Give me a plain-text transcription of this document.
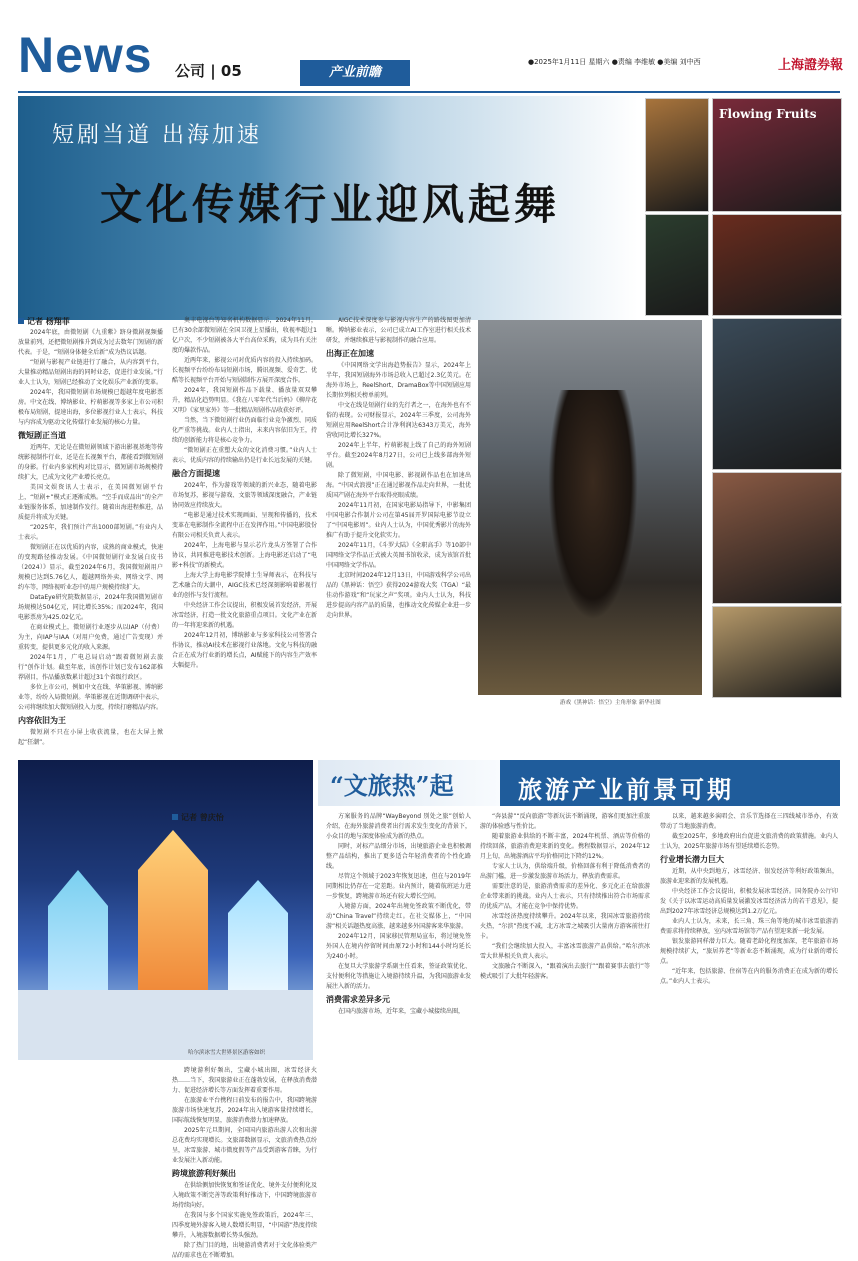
News 公司 | 05	产业前瞻
●2025年1月11日 星期六 ●责编 李维敏 ●美编 刘中西	上海證券報
短剧当道 出海加速
文化传媒行业迎风起舞
Flowing Fruits
记者 杨翔菲

2024年底，由微短剧《九重紫》跻身微剧视频播放量前列，还把微短剧推升到成为过去数年门短剧的新代表。于是，“短剧身体健全后新”成为热议话题。

“短剧与影视产业链进行了融合，从内容到平台，大量推动精品短剧出海的同时业态，促进行业发展。”行业人士认为，短剧已经推动了文化娱乐产业新的变革。

2024年，我国微短剧市场规模已超越年度电影票房。中文在线、博纳影业、柠萌影视等多家上市公司积极布局短剧，提速出海，多位影视行业人士表示，科技与内容成为驱动文化传媒行业发展的核心力量。

微短剧正当道

近两年，无论是在微短剧领域下游出影视基地等传统影视制作行业，还是在长视频平台，都能看到微短剧的身影。行业内多家机构对比显示，微短剧市场规模持续扩大，已成为文化产业增长亮点。

美国文娱资讯人士表示，在美国微短剧平台上，“短剧+”模式正逐渐成熟。“空手而成品出”的全产业链服务体系，加速制作发行。随着出海进程推进，品质提升将成为关键。

“2025年，我们预计产出1000部短剧。”有业内人士表示。

微短剧正在以优质的内容，成熟的商业模式，快速的变现路径推动发展。《中国微短剧行业发展白皮书（2024）》显示，截至2024年6月，我国微短剧用户规模已达到5.76亿人，超越网络外卖、网络文学、网约车等，网络视听业态中的用户规模持续扩大。

DataEye研究院数据显示，2024年我国微短剧市场规模达504亿元，同比增长35%；而2024年，我国电影票房为425.02亿元。

在商业模式上，微短剧行业逐步从以IAP（付费）为主，向IAP与IAA（对用户免费，通过广告变现）并重转变，提供更多元化的收入来源。

2024年1月，广电总局启动“跟着微短剧去旅行”创作计划。截至年底，该创作计划已发布162部推荐剧目，作品播放数累计超过31个省级行政区。

多位上市公司，例如中文在线、华策影视、博纳影业等，纷纷入局微短剧。华策影视在近期调研中表示，公司将继续加大微短剧投入力度，持续打磨精品内容。

内容依旧为王

微短剧不只在小屏上收获流量，也在大屏上掀起“狂潮”。

奥丰电视台等知名机构数据显示，2024年11月，已有30余部微短剧在全国卫视上星播出，收视率超过1亿户次，不少短剧被各大平台高位采购，成为具有关注度的爆款作品。

近两年来，影视公司对优质内容的投入持续加码。长视频平台纷纷布局短剧市场，腾讯视频、爱奇艺、优酷等长视频平台开始与短剧制作方展开深度合作。

2024年，我国短剧作品下载量、播放量双双攀升，精品化趋势明显。《我在八零年代当后妈》《柳岸花又明》《家里家外》等一批精品短剧作品收获好评。

当然，当下微短剧行业仍面临行业竞争激烈、同质化严重等挑战。业内人士指出，未来内容依旧为王，持续的创新能力将是核心竞争力。

“微短剧正在重塑大众的文化消费习惯。”业内人士表示，优质内容的持续输出仍是行业长远发展的关键。

融合方面提速

2024年，作为游戏等领域的新兴业态，随着电影市场复苏，影视与游戏、文旅等领域深度融合，产业链协同效应持续放大。

“电影是通过技术实现画面、呈现和传播的，技术变革在电影制作全流程中正在发挥作用。”中国电影股份有限公司相关负责人表示。

2024年，上海电影与显示芯片龙头方签署了合作协议，共同推进电影技术创新。上海电影还启动了“电影+科技”的新模式。

上海大学上海电影学院博士生导师表示，在科技与艺术融合的大潮中，AIGC技术已经深刻影响着影视行业的创作与发行流程。

中央经济工作会议提出，积极发展首发经济，开展冰雪经济，打造一批文化旅游重点项目。文化产业在新的一年将迎来新的机遇。

2024年12月初，博纳影业与多家科技公司签署合作协议，推动AI技术在影视行业落地。文化与科技的融合正在成为行业新的增长点，AI赋能下的内容生产效率大幅提升。

AIGC技术深度参与影视内容生产的路线图更加清晰。博纳影业表示，公司已成立AI工作室进行相关技术研发，并继续推进与影视制作的融合应用。

出海正在加速

《中国网络文学出海趋势报告》显示，2024年上半年，我国短剧海外市场总收入已超过2.3亿美元。在海外市场上，ReelShort、DramaBox等中国短剧应用长期位列相关榜单前列。

中文在线是短剧行业的先行者之一，在海外也有不俗的表现。公司财报显示，2024年三季度，公司海外短剧应用ReelShort合计净利润达6343万美元，海外营收同比增长327%。

2024年上半年，柠萌影视上线了自己的海外短剧平台。截至2024年8月27日，公司已上线多部海外短剧。

除了微短剧，中国电影、影视剧作品也在加速出海。“中国式浪漫”正在通过影视作品走向世界，一批优质国产剧在海外平台取得亮眼成绩。

2024年11月初，在国家电影局指导下，中影集团中国电影合作制片公司在第45届开罗国际电影节设立了“中国电影周”。业内人士认为，中国优秀影片的海外推广有助于提升文化软实力。

2024年11月，《斗罗大陆》《全职高手》等10部中国网络文学作品正式被大英图书馆收录，成为该馆首批中国网络文学作品。

北京时间2024年12月13日，中国游戏科学公司出品的《黑神话：悟空》获得2024游戏大奖（TGA）“最佳动作游戏”和“玩家之声”奖项。业内人士认为，科技进步提高内容产品的质量，也推动文化传媒企业进一步走向世界。

游戏《黑神话：悟空》主角形象 新华社图
哈尔滨冰雪大世界景区游客如织
“文旅热”起	旅游产业前景可期
记者 曾庆怡

跨境游利好频出，宝藏小城出圈，冰雪经济火热……当下，我国旅游业正在蓬勃发展，在释放消费潜力、促进经济增长等方面发挥着重要作用。

在旅游业平台携程日前发布的报告中，我国跨境游旅游市场快速复苏，2024年出入境游客量持续增长，国际航线恢复明显，旅游消费潜力加速释放。

2025年元旦期间，全国国内旅游出游人次和出游总花费均实现增长。文旅部数据显示，文旅消费热点纷呈，冰雪旅游、城市微度假等产品受到游客青睐，为行业发展注入新动能。

跨境旅游利好频出

在供给侧加快恢复和签证优化、境外支付便利化及入境政策不断完善等政策利好推动下，中国跨境旅游市场持续向好。

在我国与多个国家实施免签政策后，2024年三、四季度境外游客入境人数增长明显，“中国游”热度持续攀升，入境游数据增长势头强劲。

除了热门目的地，出境游消费者对于文化体验类产品的需求也在不断增加。

方案服务的品牌“WayBeyond 别处之旅”创始人介绍，在海外旅游消费者出行需求发生变化的背景下，小众目的地与深度体验成为新的热点。

同时，对标产品细分市场，出境旅游企业也积极调整产品结构，推出了更多适合年轻消费者的个性化路线。

尽管这个领域于2023年恢复迅速，但在与2019年同期相比仍存在一定差距。业内预计，随着航班运力进一步恢复，跨境游市场还有较大增长空间。

入境游方面，2024年出境免签政策不断优化，带动“China Travel”持续走红。在社交媒体上，“中国游”相关话题热度高涨，越来越多外国游客来华旅游。

2024年12月，国家移民管理局宣布，将过境免签外国人在境内停留时间由原72小时和144小时均延长为240小时。

在复旦大学旅游学系副主任看来，签证政策优化、支付便利化等措施让入境游持续升温，为我国旅游业发展注入新的活力。

消费需求差异多元

在国内旅游市场，近年来，宝藏小城接续出圈，

“奔县游”“反向旅游”等新玩法不断涌现，游客们更加注重旅游的体验感与性价比。

随着旅游业供给的不断丰富，2024年机票、酒店等价格的持续回落，旅游消费迎来新的变化。携程数据显示，2024年12月上旬，出境游酒店平均价格同比下降约12%。

专家人士认为，供给端升级，价格回落有利于降低消费者的出游门槛，进一步激发旅游市场活力，释放消费需求。

需要注意的是，旅游消费需求的差异化、多元化正在给旅游企业带来新的挑战。业内人士表示，只有持续推出符合市场需求的优质产品，才能在竞争中保持优势。

冰雪经济热度持续攀升。2024年以来，我国冰雪旅游持续火热，“尔滨”热度不减，北方冰雪之城吸引大量南方游客前往打卡。

“我们会继续加大投入，丰富冰雪旅游产品供给。”哈尔滨冰雪大世界相关负责人表示。

文旅融合不断深入，“跟着演出去旅行”“跟着赛事去旅行”等模式吸引了大批年轻游客。

以来，越来越多演唱会、音乐节选择在三四线城市举办，有效带动了当地旅游消费。

截至2025年，多地政府出台促进文旅消费的政策措施。业内人士认为，2025年旅游市场有望延续增长态势。

行业增长潜力巨大

近期，从中央到地方，冰雪经济、银发经济等利好政策频出，旅游业迎来新的发展机遇。

中央经济工作会议提出，积极发展冰雪经济。国务院办公厅印发《关于以冰雪运动高质量发展激发冰雪经济活力的若干意见》，提出到2027年冰雪经济总规模达到1.2万亿元。

业内人士认为，未来，长三角、珠三角等地的城市冰雪旅游消费需求将持续释放，室内冰雪场馆等产品有望迎来新一轮发展。

银发旅游同样潜力巨大。随着老龄化程度加深，老年旅游市场规模持续扩大，“旅居养老”等新业态不断涌现，成为行业新的增长点。

“近年来，包括旅游、住宿等在内的服务消费正在成为新的增长点。”业内人士表示。
